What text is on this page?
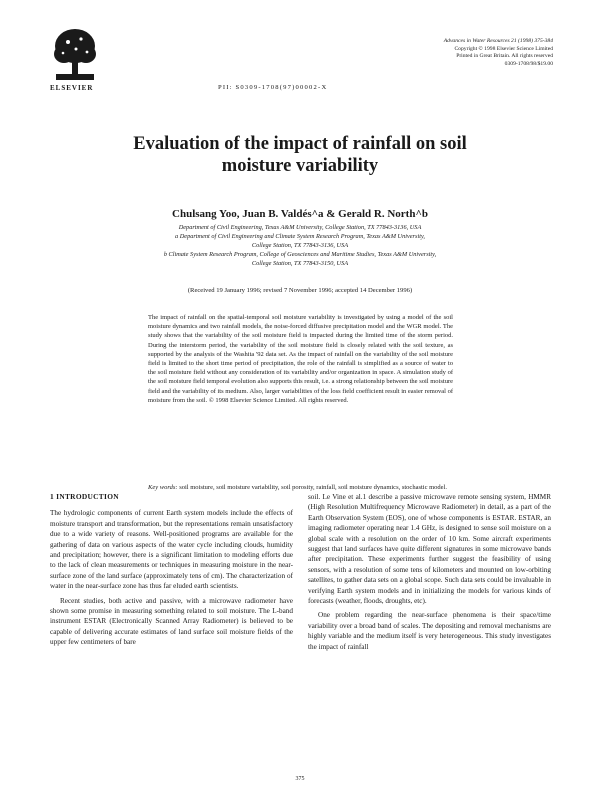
ELSEVIER	PII: S0309-1708(97)00002-X
Advances in Water Resources 21 (1998) 375-384
Copyright © 1998 Elsevier Science Limited
Printed in Great Britain. All rights reserved
0309-1708/98/$19.00
Evaluation of the impact of rainfall on soil
moisture variability
Chulsang Yoo, Juan B. Valdés^a & Gerald R. North^b
Department of Civil Engineering, Texas A&M University, College Station, TX 77843-3136, USA
a Department of Civil Engineering and Climate System Research Program, Texas A&M University,
College Station, TX 77843-3136, USA
b Climate System Research Program, College of Geosciences and Maritime Studies, Texas A&M University,
College Station, TX 77843-3150, USA
(Received 19 January 1996; revised 7 November 1996; accepted 14 December 1996)
The impact of rainfall on the spatial-temporal soil moisture variability is investigated by using a model of the soil moisture dynamics and two rainfall models, the noise-forced diffusive precipitation model and the WGR model. The study shows that the variability of the soil moisture field is impacted during the limited time of the storm period. During the interstorm period, the variability of the soil moisture field is closely related with the soil texture, as supported by the analysis of the Washita '92 data set. As the impact of rainfall on the variability of the soil moisture field is limited to the short time period of precipitation, the role of the rainfall is simplified as a source of water to the soil moisture field without any consideration of its variability and/or organization in space. A simulation study of the soil moisture field temporal evolution also supports this result, i.e. a strong relationship between the soil moisture field and the variability of its medium. Also, larger variabilities of the loss field coefficient result in easier removal of moisture from the soil. © 1998 Elsevier Science Limited. All rights reserved.
Key words: soil moisture, soil moisture variability, soil porosity, rainfall, soil moisture dynamics, stochastic model.
1 INTRODUCTION

The hydrologic components of current Earth system models include the effects of moisture transport and transformation, but the representations remain unsatisfactory due to a wide variety of reasons. Well-positioned programs are available for the gathering of data on various aspects of the water cycle including clouds, humidity and precipitation; however, there is a significant limitation to modeling efforts due to the lack of clean measurements or techniques in measuring moisture in the near-surface zone of the land surface (approximately tens of cm). The characterization of water in the near-surface zone has thus far eluded earth scientists.

Recent studies, both active and passive, with a microwave radiometer have shown some promise in measuring something related to soil moisture. The L-band instrument ESTAR (Electronically Scanned Array Radiometer) is believed to be capable of delivering accurate estimates of land surface soil moisture fields of the upper few centimeters of bare

soil. Le Vine et al.1 describe a passive microwave remote sensing system, HMMR (High Resolution Multifrequency Microwave Radiometer) in detail, as a part of the Earth Observation System (EOS), one of whose components is ESTAR. ESTAR, an imaging radiometer operating near 1.4 GHz, is designed to sense soil moisture on a global scale with a resolution on the order of 10 km. Some aircraft experiments suggest that land surfaces have quite different signatures in some microwave bands after precipitation. These experiments further suggest the feasibility of using sensors, with a resolution of some tens of kilometers and mounted on low-orbiting satellites, to gather data sets on a global scope. Such data sets could be invaluable in verifying Earth system models and in initializing the models for various kinds of forecasts (weather, floods, droughts, etc).

One problem regarding the near-surface phenomena is their space/time variability over a broad band of scales. The depositing and removal mechanisms are highly variable and the medium itself is very heterogeneous. This study investigates the impact of rainfall

375
